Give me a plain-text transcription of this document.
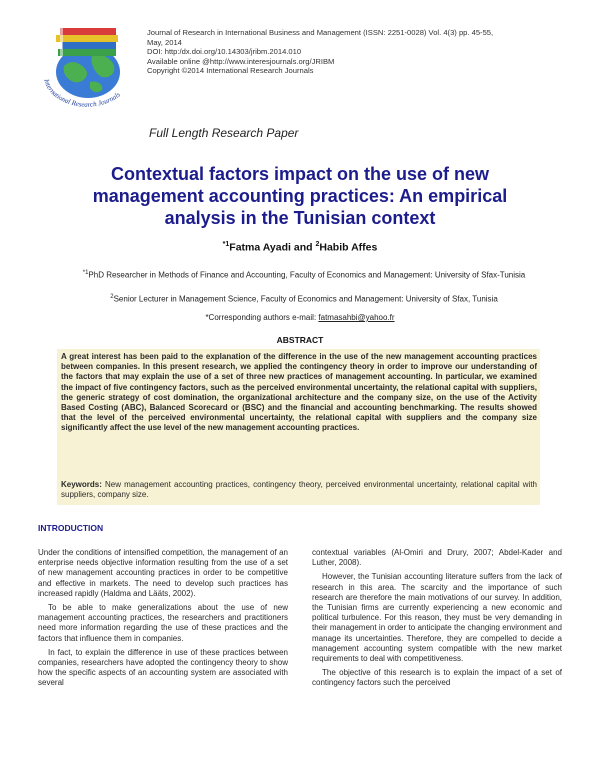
International Research Journals
Journal of Research in International Business and Management (ISSN: 2251-0028) Vol. 4(3) pp. 45-55,
May, 2014
DOI: http:/dx.doi.org/10.14303/jribm.2014.010
Available online @http://www.interesjournals.org/JRIBM
Copyright ©2014 International Research Journals
Full Length Research Paper
Contextual factors impact on the use of new management accounting practices: An empirical analysis in the Tunisian context
$^{*1}$Fatma Ayadi and $^2$Habib Affes
$^{*1}$PhD Researcher in Methods of Finance and Accounting, Faculty of Economics and Management: University of Sfax-Tunisia
$^2$Senior Lecturer in Management Science, Faculty of Economics and Management: University of Sfax, Tunisia
*Corresponding authors e-mail: fatmasahbi@yahoo.fr
ABSTRACT
A great interest has been paid to the explanation of the difference in the use of the new management accounting practices between companies. In this present research, we applied the contingency theory in order to improve our understanding of the factors that may explain the use of a set of three new practices of management accounting. In particular, we examined the impact of five contingency factors, such as the perceived environmental uncertainty, the relational capital with suppliers, the generic strategy of cost domination, the organizational architecture and the company size, on the use of the Activity Based Costing (ABC), Balanced Scorecard or (BSC) and the financial and accounting benchmarking. The results showed that the level of the perceived environmental uncertainty, the relational capital with suppliers and the company size significantly affect the use level of the new management accounting practices.
Keywords: New management accounting practices, contingency theory, perceived environmental uncertainty, relational capital with suppliers, company size.
INTRODUCTION

Under the conditions of intensified competition, the management of an enterprise needs objective information resulting from the use of a set of new management accounting practices in order to be competitive and effective in markets. The need to develop such practices has increased rapidly (Haldma and Lääts, 2002).

To be able to make generalizations about the use of new management accounting practices, the researchers and practitioners need more information regarding the use of these practices and the factors that influence them in companies.

In fact, to explain the difference in use of these practices between companies, researchers have adopted the contingency theory to show how the specific aspects of an accounting system are associated with several

contextual variables (Al-Omiri and Drury, 2007; Abdel-Kader and Luther, 2008).

However, the Tunisian accounting literature suffers from the lack of research in this area. The scarcity and the importance of such research are therefore the main motivations of our survey. In addition, the Tunisian firms are currently experiencing a new economic and political turbulence. For this reason, they must be very demanding in their management in order to anticipate the changing environment and manage its uncertainties. Therefore, they are compelled to decide a management accounting system compatible with the new market requirements to deal with competitiveness.

The objective of this research is to explain the impact of a set of contingency factors such the perceived
